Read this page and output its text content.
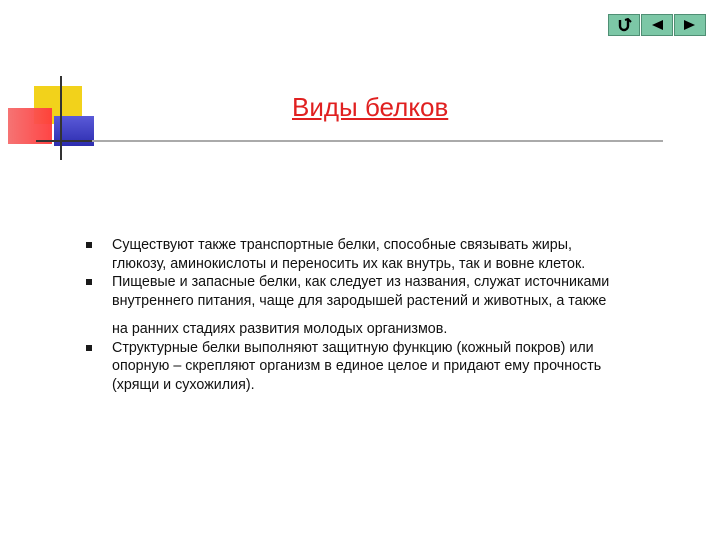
Виды белков
Существуют также транспортные белки, способные связывать жиры,
глюкозу, аминокислоты и переносить их как внутрь, так и вовне клеток.
Пищевые и запасные белки, как следует из названия, служат источниками
внутреннего питания, чаще для зародышей растений и животных, а также
на ранних стадиях развития молодых организмов.
Структурные белки выполняют защитную функцию (кожный покров) или
опорную – скрепляют организм в единое целое и придают ему прочность
(хрящи и сухожилия).
